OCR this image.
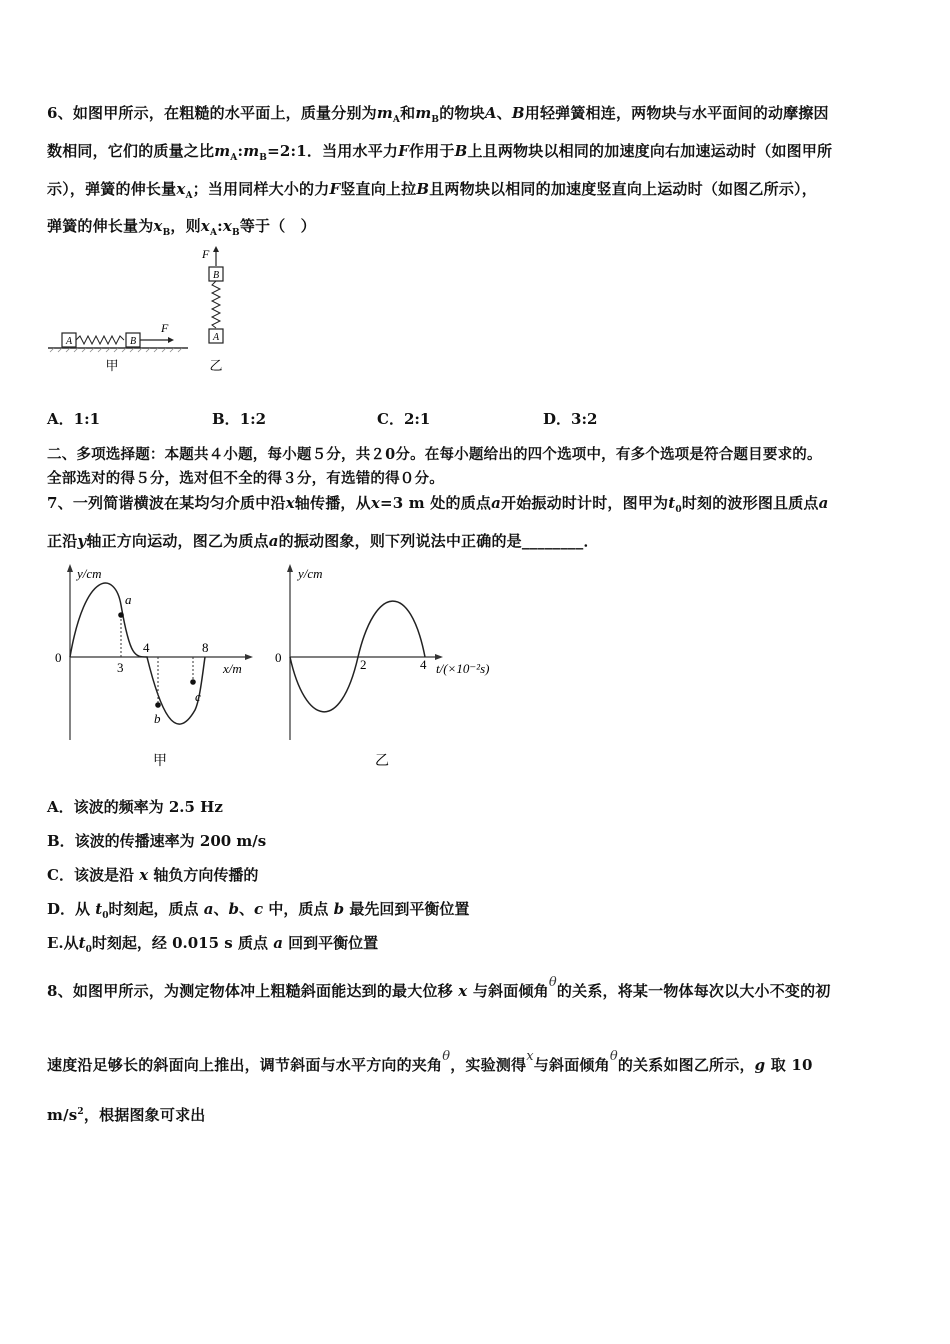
6、如图甲所示，在粗糙的水平面上，质量分别为$m_A$和$m_B$的物块A、B用轻弹簧相连，两物块与水平面间的动摩擦因
数相同，它们的质量之比$m_A:m_B=2:1$．当用水平力F作用于B上且两物块以相同的加速度向右加速运动时（如图甲所
示），弹簧的伸长量$x_A$；当用同样大小的力F竖直向上拉B且两物块以相同的加速度竖直向上运动时（如图乙所示），
弹簧的伸长量为$x_B$，则$x_A:x_B$等于（　）
A	B
F
甲
F
B
A
乙
A．1:1	B．1:2	C．2:1	D．3:2
二、多项选择题：本题共４小题，每小题５分，共２0分。在每小题给出的四个选项中，有多个选项是符合题目要求的。
全部选对的得５分，选对但不全的得３分，有选错的得０分。
7、一列简谐横波在某均匀介质中沿x轴传播，从x=3 m 处的质点a开始振动时计时，图甲为$t_0$时刻的波形图且质点a
正沿y轴正方向运动，图乙为质点a的振动图象，则下列说法中正确的是________．
y/cm
x/m
0
a
b
c
3
4	8
甲
y/cm
t/(×10⁻²s)
0	2	4
乙
A．该波的频率为 2.5 Hz
B．该波的传播速率为 200 m/s
C．该波是沿 x 轴负方向传播的
D．从 $t_0$时刻起，质点 a、b、c 中，质点 b 最先回到平衡位置
E.从$t_0$时刻起，经 0.015 s 质点 a 回到平衡位置
8、如图甲所示，为测定物体冲上粗糙斜面能达到的最大位移 x 与斜面倾角θ的关系，将某一物体每次以大小不变的初
速度沿足够长的斜面向上推出，调节斜面与水平方向的夹角θ，实验测得x与斜面倾角θ的关系如图乙所示，g 取 10
$m/s^2$，根据图象可求出
